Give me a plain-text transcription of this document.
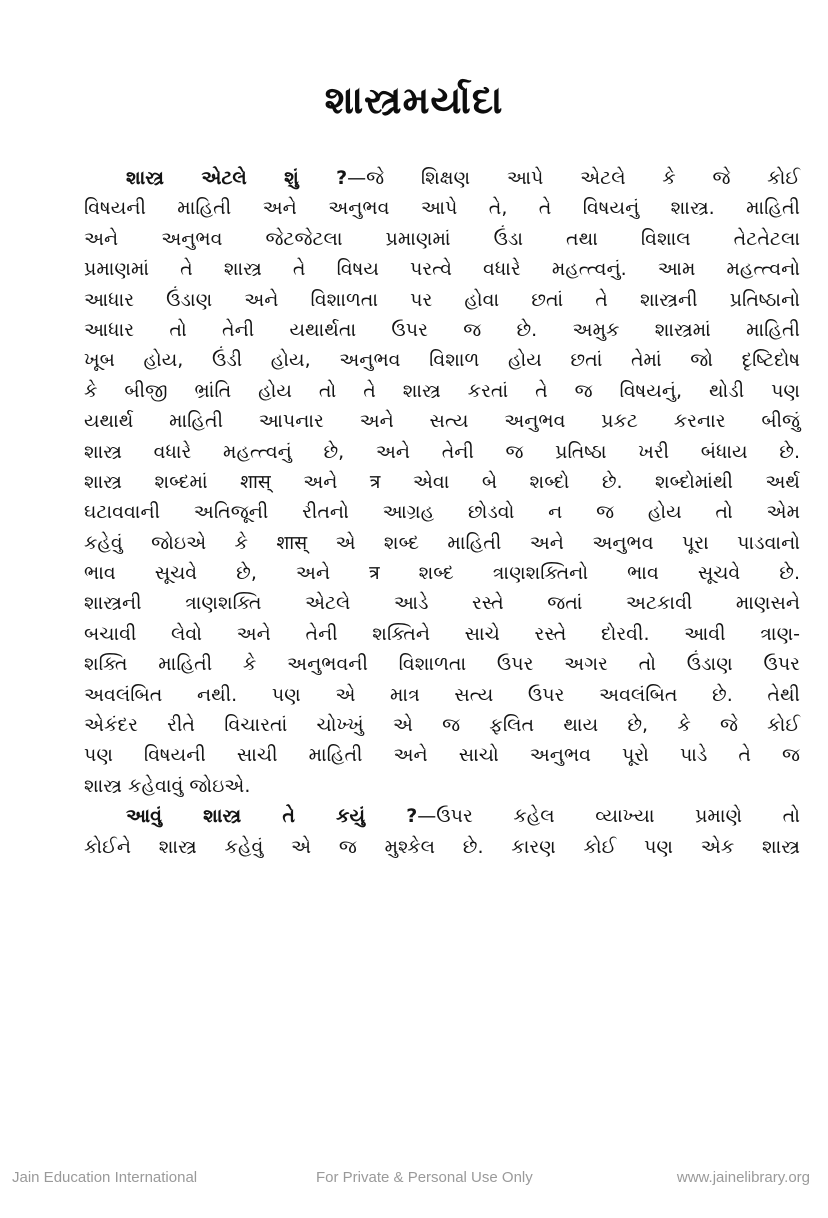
શાસ્ત્રમર્યાદા
શાસ્ત્ર એટલે શું ?—જે શિક્ષણ આપે એટલે કે જે કોઈ
વિષયની માહિતી અને અનુભવ આપે તે, તે વિષયનું શાસ્ત્ર. માહિતી
અને અનુભવ જેટજેટલા પ્રમાણમાં ઉંડા તથા વિશાલ તેટતેટલા
પ્રમાણમાં તે શાસ્ત્ર તે વિષય પરત્વે વધારે મહત્ત્વનું. આમ મહત્ત્વનો
આધાર ઉંડાણ અને વિશાળતા પર હોવા છતાં તે શાસ્ત્રની પ્રતિષ્ઠાનો
આધાર તો તેની યથાર્થતા ઉપર જ છે. અમુક શાસ્ત્રમાં માહિતી
ખૂબ હોય, ઉંડી હોય, અનુભવ વિશાળ હોય છતાં તેમાં જો દૃષ્ટિદોષ
કે બીજી ભ્રાંતિ હોય તો તે શાસ્ત્ર કરતાં તે જ વિષયનું, થોડી પણ
યથાર્થ માહિતી આપનાર અને સત્ય અનુભવ પ્રકટ કરનાર બીજું
શાસ્ત્ર વધારે મહત્ત્વનું છે, અને તેની જ પ્રતિષ્ઠા ખરી બંધાય છે.
શાસ્ત્ર શબ્દમાં शास् અને त्र એવા બે શબ્દો છે. શબ્દોમાંથી અર્થ
ઘટાવવાની અતિજૂની રીતનો આગ્રહ છોડવો ન જ હોય તો એમ
કહેવું જોઇએ કે शास् એ શબ્દ માહિતી અને અનુભવ પૂરા પાડવાનો
ભાવ સૂચવે છે, અને त्र શબ્દ ત્રાણશક્તિનો ભાવ સૂચવે છે.
શાસ્ત્રની ત્રાણશક્તિ એટલે આડે રસ્તે જતાં અટકાવી માણસને
બચાવી લેવો અને તેની શક્તિને સાચે રસ્તે દોરવી. આવી ત્રાણ-
શક્તિ માહિતી કે અનુભવની વિશાળતા ઉપર અગર તો ઉંડાણ ઉપર
અવલંબિત નથી. પણ એ માત્ર સત્ય ઉપર અવલંબિત છે. તેથી
એકંદર રીતે વિચારતાં ચોખ્ખું એ જ ફલિત થાય છે, કે જે કોઈ
પણ વિષયની સાચી માહિતી અને સાચો અનુભવ પૂરો પાડે તે જ
શાસ્ત્ર કહેવાવું જોઇએ.
આવું શાસ્ત્ર તે કયું ?—ઉપર કહેલ વ્યાખ્યા પ્રમાણે તો
કોઈને શાસ્ત્ર કહેવું એ જ મુશ્કેલ છે. કારણ કોઈ પણ એક શાસ્ત્ર
Jain Education International	For Private & Personal Use Only	www.jainelibrary.org
